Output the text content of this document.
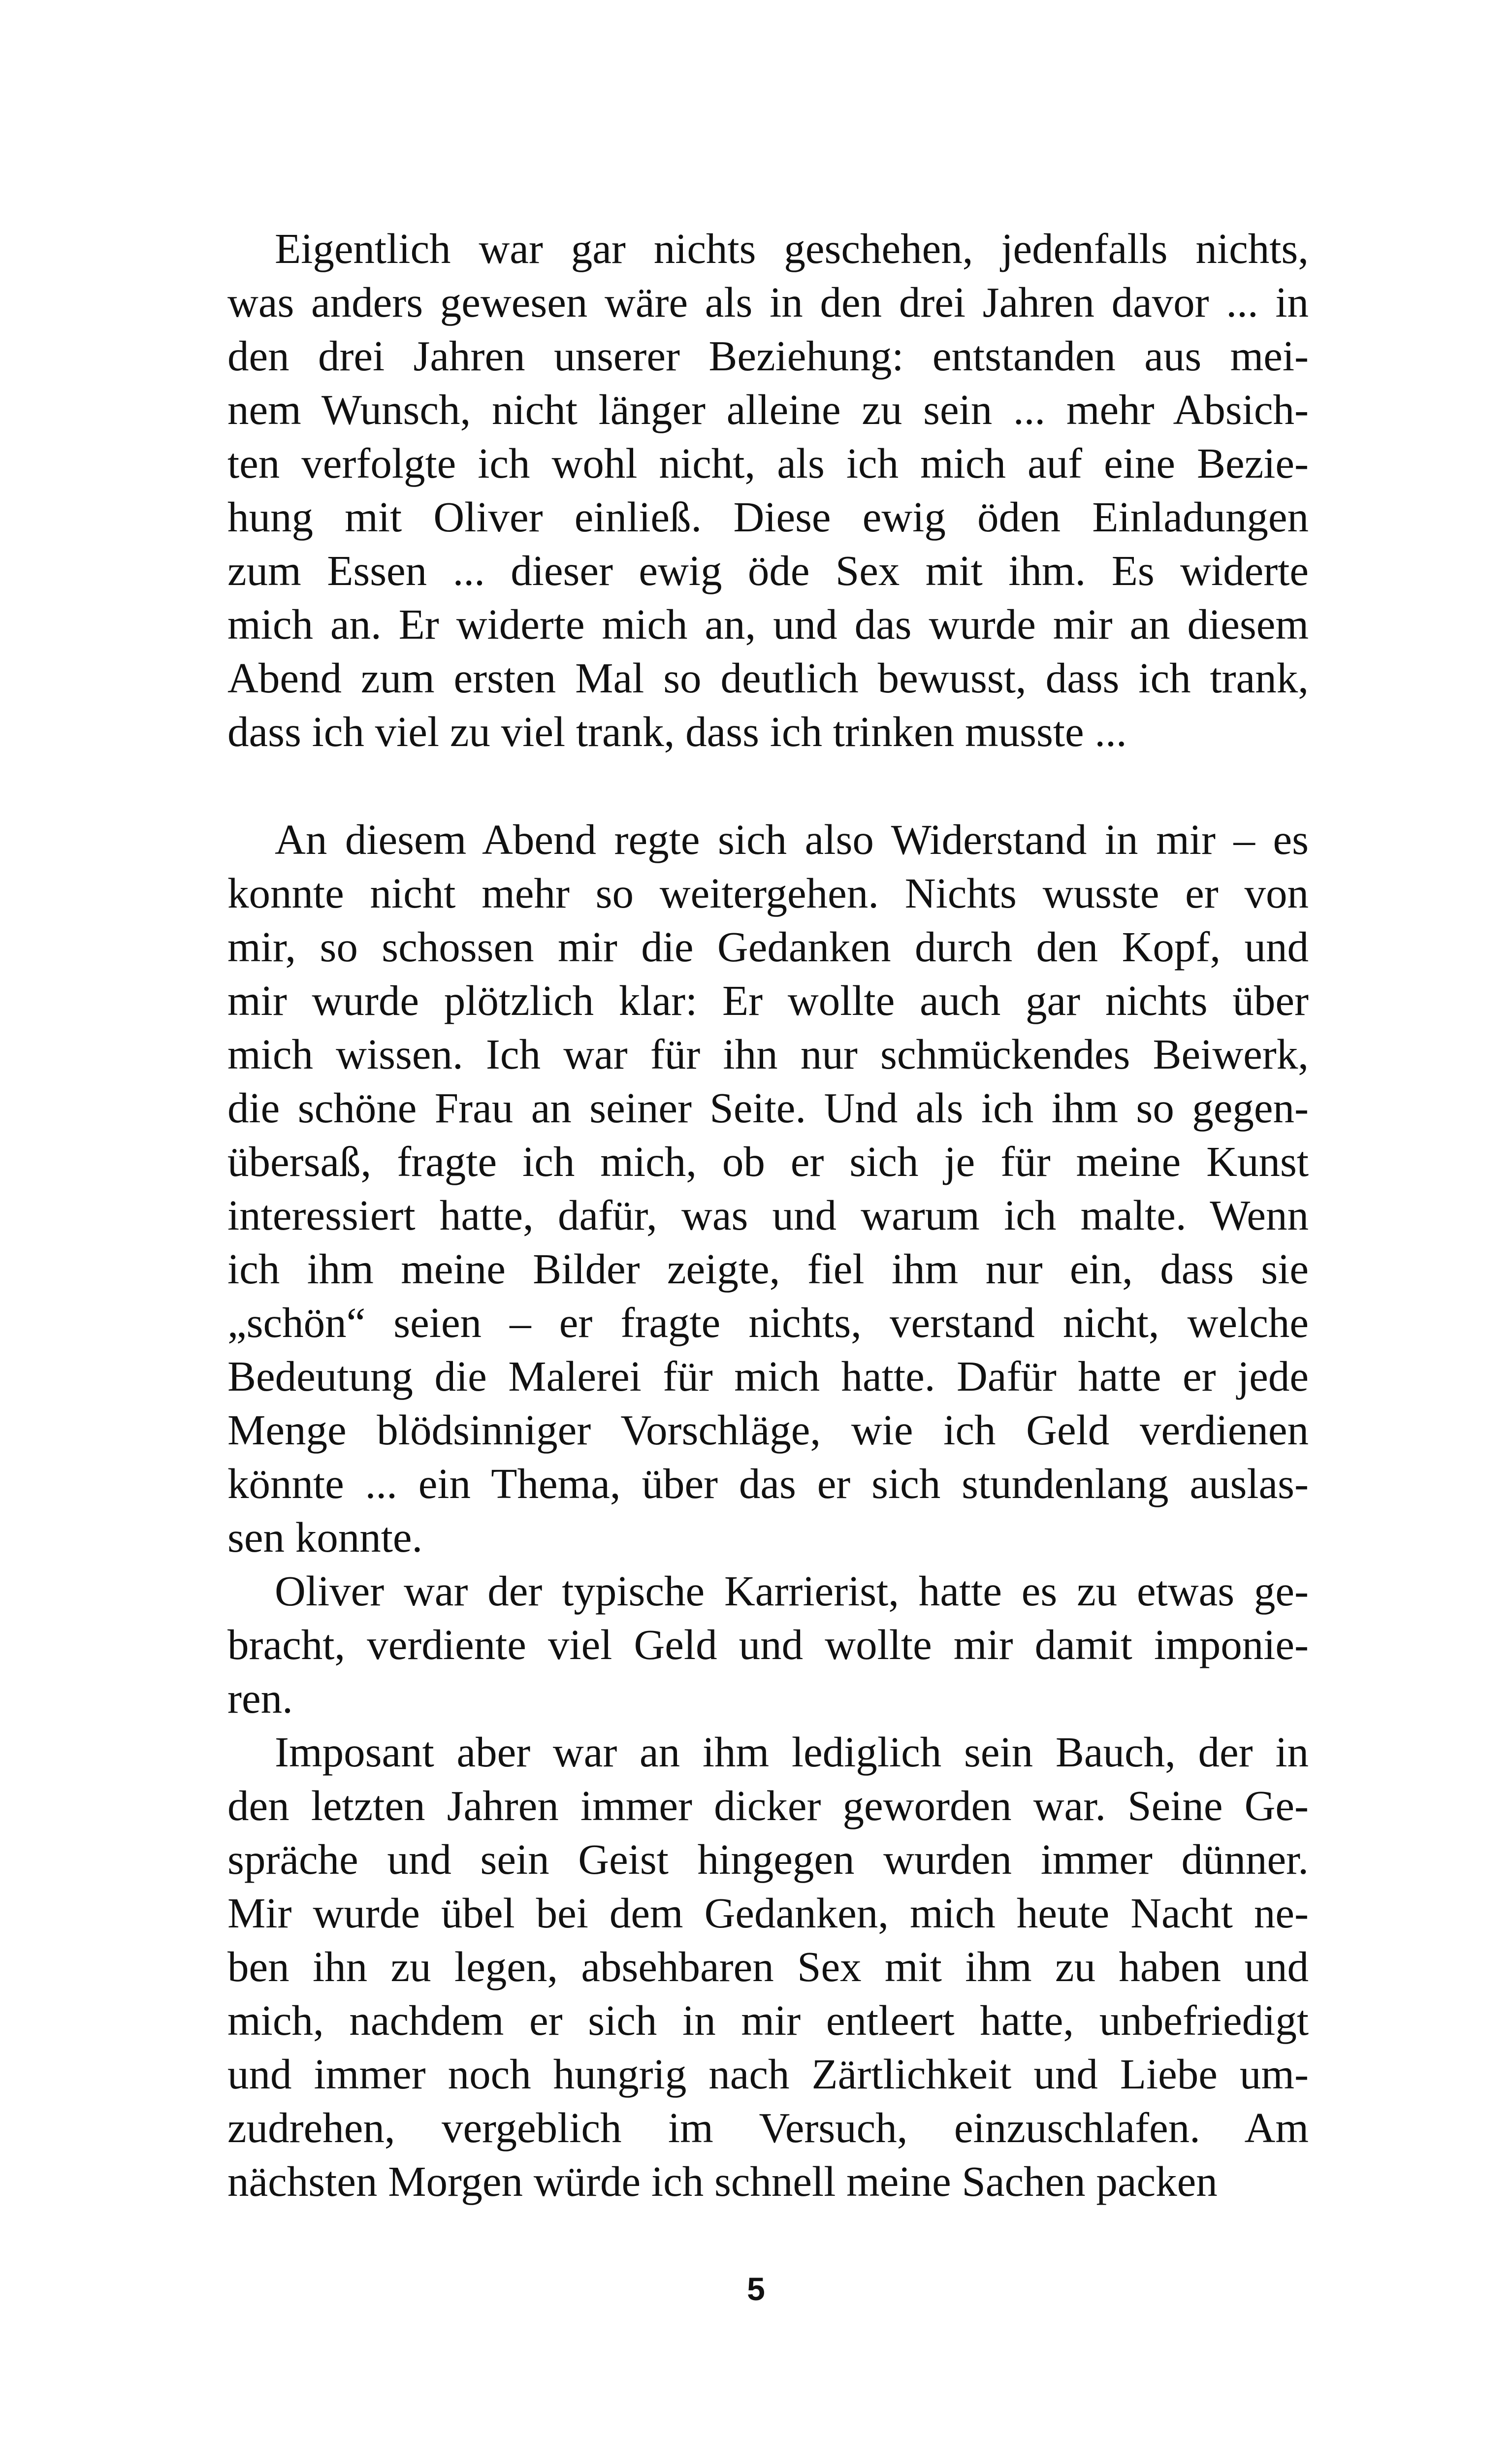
Eigentlich war gar nichts geschehen, jedenfalls nichts,
was anders gewesen wäre als in den drei Jahren davor ... in
den drei Jahren unserer Beziehung: entstanden aus mei-
nem Wunsch, nicht länger alleine zu sein ... mehr Absich-
ten verfolgte ich wohl nicht, als ich mich auf eine Bezie-
hung mit Oliver einließ. Diese ewig öden Einladungen
zum Essen ... dieser ewig öde Sex mit ihm. Es widerte
mich an. Er widerte mich an, und das wurde mir an diesem
Abend zum ersten Mal so deutlich bewusst, dass ich trank,
dass ich viel zu viel trank, dass ich trinken musste ...
An diesem Abend regte sich also Widerstand in mir – es
konnte nicht mehr so weitergehen. Nichts wusste er von
mir, so schossen mir die Gedanken durch den Kopf, und
mir wurde plötzlich klar: Er wollte auch gar nichts über
mich wissen. Ich war für ihn nur schmückendes Beiwerk,
die schöne Frau an seiner Seite. Und als ich ihm so gegen-
übersaß, fragte ich mich, ob er sich je für meine Kunst
interessiert hatte, dafür, was und warum ich malte. Wenn
ich ihm meine Bilder zeigte, fiel ihm nur ein, dass sie
„schön“ seien – er fragte nichts, verstand nicht, welche
Bedeutung die Malerei für mich hatte. Dafür hatte er jede
Menge blödsinniger Vorschläge, wie ich Geld verdienen
könnte ... ein Thema, über das er sich stundenlang auslas-
sen konnte.
Oliver war der typische Karrierist, hatte es zu etwas ge-
bracht, verdiente viel Geld und wollte mir damit imponie-
ren.
Imposant aber war an ihm lediglich sein Bauch, der in
den letzten Jahren immer dicker geworden war. Seine Ge-
spräche und sein Geist hingegen wurden immer dünner.
Mir wurde übel bei dem Gedanken, mich heute Nacht ne-
ben ihn zu legen, absehbaren Sex mit ihm zu haben und
mich, nachdem er sich in mir entleert hatte, unbefriedigt
und immer noch hungrig nach Zärtlichkeit und Liebe um-
zudrehen, vergeblich im Versuch, einzuschlafen. Am
nächsten Morgen würde ich schnell meine Sachen packen
5
